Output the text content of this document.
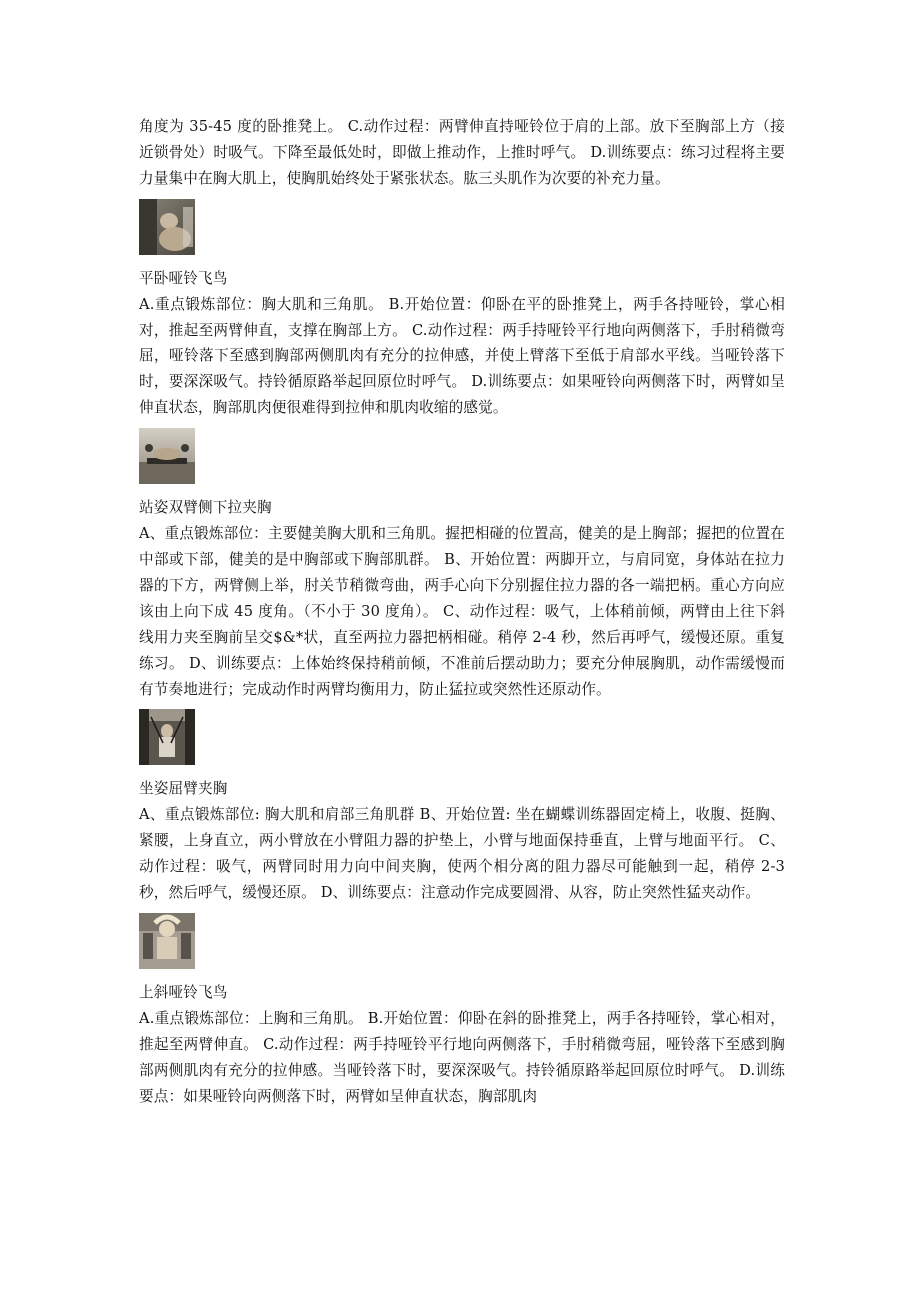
角度为 35-45 度的卧推凳上。 C.动作过程：两臂伸直持哑铃位于肩的上部。放下至胸部上方（接近锁骨处）时吸气。下降至最低处时，即做上推动作，上推时呼气。 D.训练要点：练习过程将主要力量集中在胸大肌上，使胸肌始终处于紧张状态。肱三头肌作为次要的补充力量。

平卧哑铃飞鸟

A.重点锻炼部位：胸大肌和三角肌。 B.开始位置：仰卧在平的卧推凳上，两手各持哑铃，掌心相对，推起至两臂伸直，支撑在胸部上方。 C.动作过程：两手持哑铃平行地向两侧落下，手肘稍微弯屈，哑铃落下至感到胸部两侧肌肉有充分的拉伸感，并使上臂落下至低于肩部水平线。当哑铃落下时，要深深吸气。持铃循原路举起回原位时呼气。 D.训练要点：如果哑铃向两侧落下时，两臂如呈伸直状态，胸部肌肉便很难得到拉伸和肌肉收缩的感觉。

站姿双臂侧下拉夹胸

A、重点锻炼部位：主要健美胸大肌和三角肌。握把相碰的位置高，健美的是上胸部；握把的位置在中部或下部，健美的是中胸部或下胸部肌群。 B、开始位置：两脚开立，与肩同宽，身体站在拉力器的下方，两臂侧上举，肘关节稍微弯曲，两手心向下分别握住拉力器的各一端把柄。重心方向应该由上向下成 45 度角。（不小于 30 度角）。 C、动作过程：吸气，上体稍前倾，两臂由上往下斜线用力夹至胸前呈交$&*状，直至两拉力器把柄相碰。稍停 2-4 秒，然后再呼气，缓慢还原。重复练习。 D、训练要点：上体始终保持稍前倾，不准前后摆动助力；要充分伸展胸肌，动作需缓慢而有节奏地进行；完成动作时两臂均衡用力，防止猛拉或突然性还原动作。

坐姿屈臂夹胸

A、重点锻炼部位: 胸大肌和肩部三角肌群 B、开始位置: 坐在蝴蝶训练器固定椅上，收腹、挺胸、紧腰，上身直立，两小臂放在小臂阻力器的护垫上，小臂与地面保持垂直，上臂与地面平行。 C、动作过程：吸气，两臂同时用力向中间夹胸，使两个相分离的阻力器尽可能触到一起，稍停 2-3 秒，然后呼气，缓慢还原。 D、训练要点：注意动作完成要圆滑、从容，防止突然性猛夹动作。

上斜哑铃飞鸟

A.重点锻炼部位：上胸和三角肌。 B.开始位置：仰卧在斜的卧推凳上，两手各持哑铃，掌心相对，推起至两臂伸直。 C.动作过程：两手持哑铃平行地向两侧落下，手肘稍微弯屈，哑铃落下至感到胸部两侧肌肉有充分的拉伸感。当哑铃落下时，要深深吸气。持铃循原路举起回原位时呼气。 D.训练要点：如果哑铃向两侧落下时，两臂如呈伸直状态，胸部肌肉
